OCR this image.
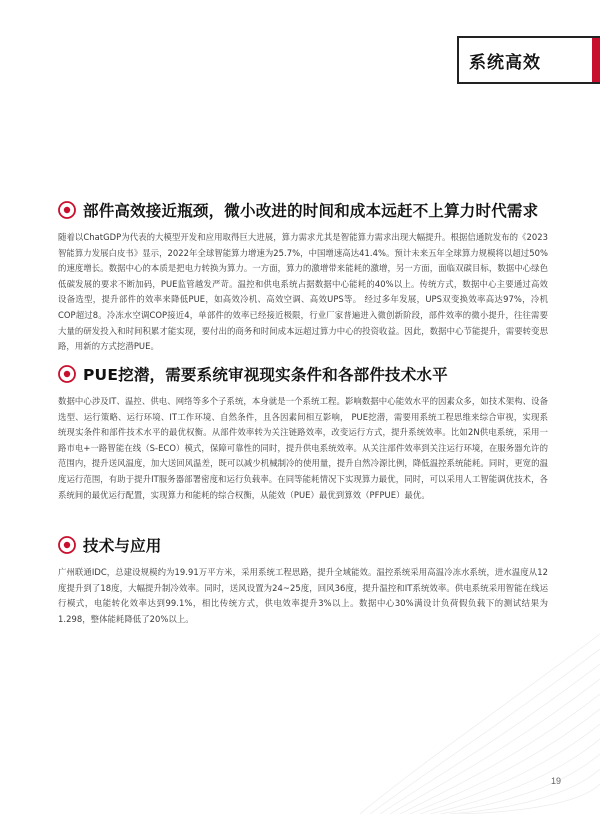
系统高效
部件高效接近瓶颈，微小改进的时间和成本远赶不上算力时代需求
随着以ChatGDP为代表的大模型开发和应用取得巨大进展，算力需求尤其是智能算力需求出现大幅提升。根据信通院发布的《2023智能算力发展白皮书》显示，2022年全球智能算力增速为25.7%，中国增速高达41.4%。预计未来五年全球算力规模将以超过50%的速度增长。数据中心的本质是把电力转换为算力。一方面，算力的激增带来能耗的激增，另一方面，面临双碳目标，数据中心绿色低碳发展的要求不断加码，PUE监管越发严苛。温控和供电系统占据数据中心能耗的40%以上。传统方式，数据中心主要通过高效设备选型，提升部件的效率来降低PUE，如高效冷机、高效空调、高效UPS等。 经过多年发展，UPS双变换效率高达97%，冷机COP超过8。冷冻水空调COP接近4，单部件的效率已经接近极限，行业厂家普遍进入微创新阶段，部件效率的微小提升，往往需要大量的研发投入和时间积累才能实现，要付出的商务和时间成本远超过算力中心的投资收益。因此，数据中心节能提升，需要转变思路，用新的方式挖潜PUE。
PUE挖潜，需要系统审视现实条件和各部件技术水平
数据中心涉及IT、温控、供电、网络等多个子系统，本身就是一个系统工程。影响数据中心能效水平的因素众多，如技术架构、设备选型、运行策略、运行环境、IT工作环境、自然条件，且各因素间相互影响， PUE挖潜，需要用系统工程思维来综合审视，实现系统现实条件和部件技术水平的最优权衡。从部件效率转为关注链路效率，改变运行方式，提升系统效率。比如2N供电系统，采用一路市电+一路智能在线（S-ECO）模式，保障可靠性的同时，提升供电系统效率。从关注部件效率到关注运行环境，在服务器允许的范围内，提升送风温度，加大送回风温差，既可以减少机械制冷的使用量，提升自然冷源比例，降低温控系统能耗。同时，更宽的温度运行范围，有助于提升IT服务器部署密度和运行负载率。在同等能耗情况下实现算力最优，同时，可以采用人工智能调优技术，各系统间的最优运行配置，实现算力和能耗的综合权衡，从能效（PUE）最优到算效（PFPUE）最优。
技术与应用
广州联通IDC，总建设规模约为19.91万平方米，采用系统工程思路，提升全域能效。温控系统采用高温冷冻水系统，进水温度从12度提升到了18度，大幅提升制冷效率。同时，送风设置为24~25度，回风36度，提升温控和IT系统效率。供电系统采用智能在线运行模式，电能转化效率达到99.1%，相比传统方式，供电效率提升3%以上。数据中心30%满设计负荷假负载下的测试结果为1.298，整体能耗降低了20%以上。
19
